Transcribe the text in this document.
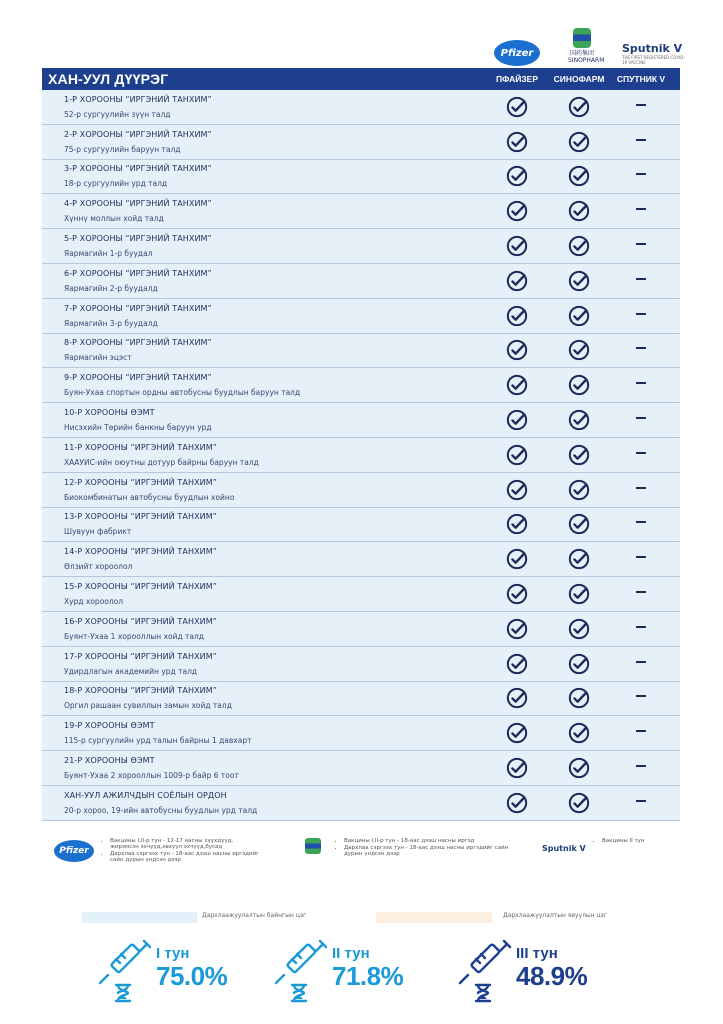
Pfizer	国药集团
SINOPHARM
Sputnik V
THE FIRST REGISTERED COVID-19 VACCINE
ХАН-УУЛ ДҮҮРЭГ	ПФАЙЗЕР	СИНОФАРМ	СПУТНИК V
1-Р ХОРООНЫ “ИРГЭНИЙ ТАНХИМ”
52-р сургуулийн зүүн талд
2-Р ХОРООНЫ “ИРГЭНИЙ ТАНХИМ”
75-р сургуулийн баруун талд
3-Р ХОРООНЫ “ИРГЭНИЙ ТАНХИМ”
18-р сургуулийн урд талд
4-Р ХОРООНЫ “ИРГЭНИЙ ТАНХИМ”
Хүннү моллын хойд талд
5-Р ХОРООНЫ “ИРГЭНИЙ ТАНХИМ”
Яармагийн 1-р буудал
6-Р ХОРООНЫ “ИРГЭНИЙ ТАНХИМ”
Яармагийн 2-р буудалд
7-Р ХОРООНЫ “ИРГЭНИЙ ТАНХИМ”
Яармагийн 3-р буудалд
8-Р ХОРООНЫ “ИРГЭНИЙ ТАНХИМ”
Яармагийн эцэст
9-Р ХОРООНЫ “ИРГЭНИЙ ТАНХИМ”
Буян-Ухаа спортын ордны автобусны буудлын баруун талд
10-Р ХОРООНЫ ӨЭМТ
Нисэхийн Төрийн банкны баруун урд
11-Р ХОРООНЫ “ИРГЭНИЙ ТАНХИМ”
ХААУИС-ийн оюутны дотуур байрны баруун талд
12-Р ХОРООНЫ “ИРГЭНИЙ ТАНХИМ”
Биокомбинатын автобусны буудлын хойно
13-Р ХОРООНЫ “ИРГЭНИЙ ТАНХИМ”
Шувуун фабрикт
14-Р ХОРООНЫ “ИРГЭНИЙ ТАНХИМ”
Өлзийт хороолол
15-Р ХОРООНЫ “ИРГЭНИЙ ТАНХИМ”
Хурд хороолол
16-Р ХОРООНЫ “ИРГЭНИЙ ТАНХИМ”
Буянт-Ухаа 1 хорооллын хойд талд
17-Р ХОРООНЫ “ИРГЭНИЙ ТАНХИМ”
Удирдлагын академийн урд талд
18-Р ХОРООНЫ “ИРГЭНИЙ ТАНХИМ”
Оргил рашаан сувиллын замын хойд талд
19-Р ХОРООНЫ ӨЭМТ
115-р сургуулийн урд талын байрны 1 давхарт
21-Р ХОРООНЫ ӨЭМТ
Буянт-Ухаа 2 хорооллын 1009-р байр 6 тоот
ХАН-УУЛ АЖИЛЧДЫН СОЁЛЫН ОРДОН
20-р хороо, 19-ийн автобусны буудлын урд талд
Pfizer
• Вакцины I,II-р тун - 12-17 насны хүүхдүүд, жирэмсэн эхчүүд,хөхүүл эхчүүд,бусад
• Дархлаа сэргээх тун - 18-аас дээш насны иргэдийг сайн дурын үндсэн дээр
• Вакцины I,II-р тун - 18-аас дээш насны иргэд
• Дархлаа сэргээх тун - 18-аас дээш насны иргэдийг сайн дурын үндсэн дээр
Sputnik V
• Вакцины II тун
Дархлаажуулалтын байнгын цэг	Дархлаажуулалтын явуулын цэг
I тун
75.0%
II тун
71.8%
III тун
48.9%
